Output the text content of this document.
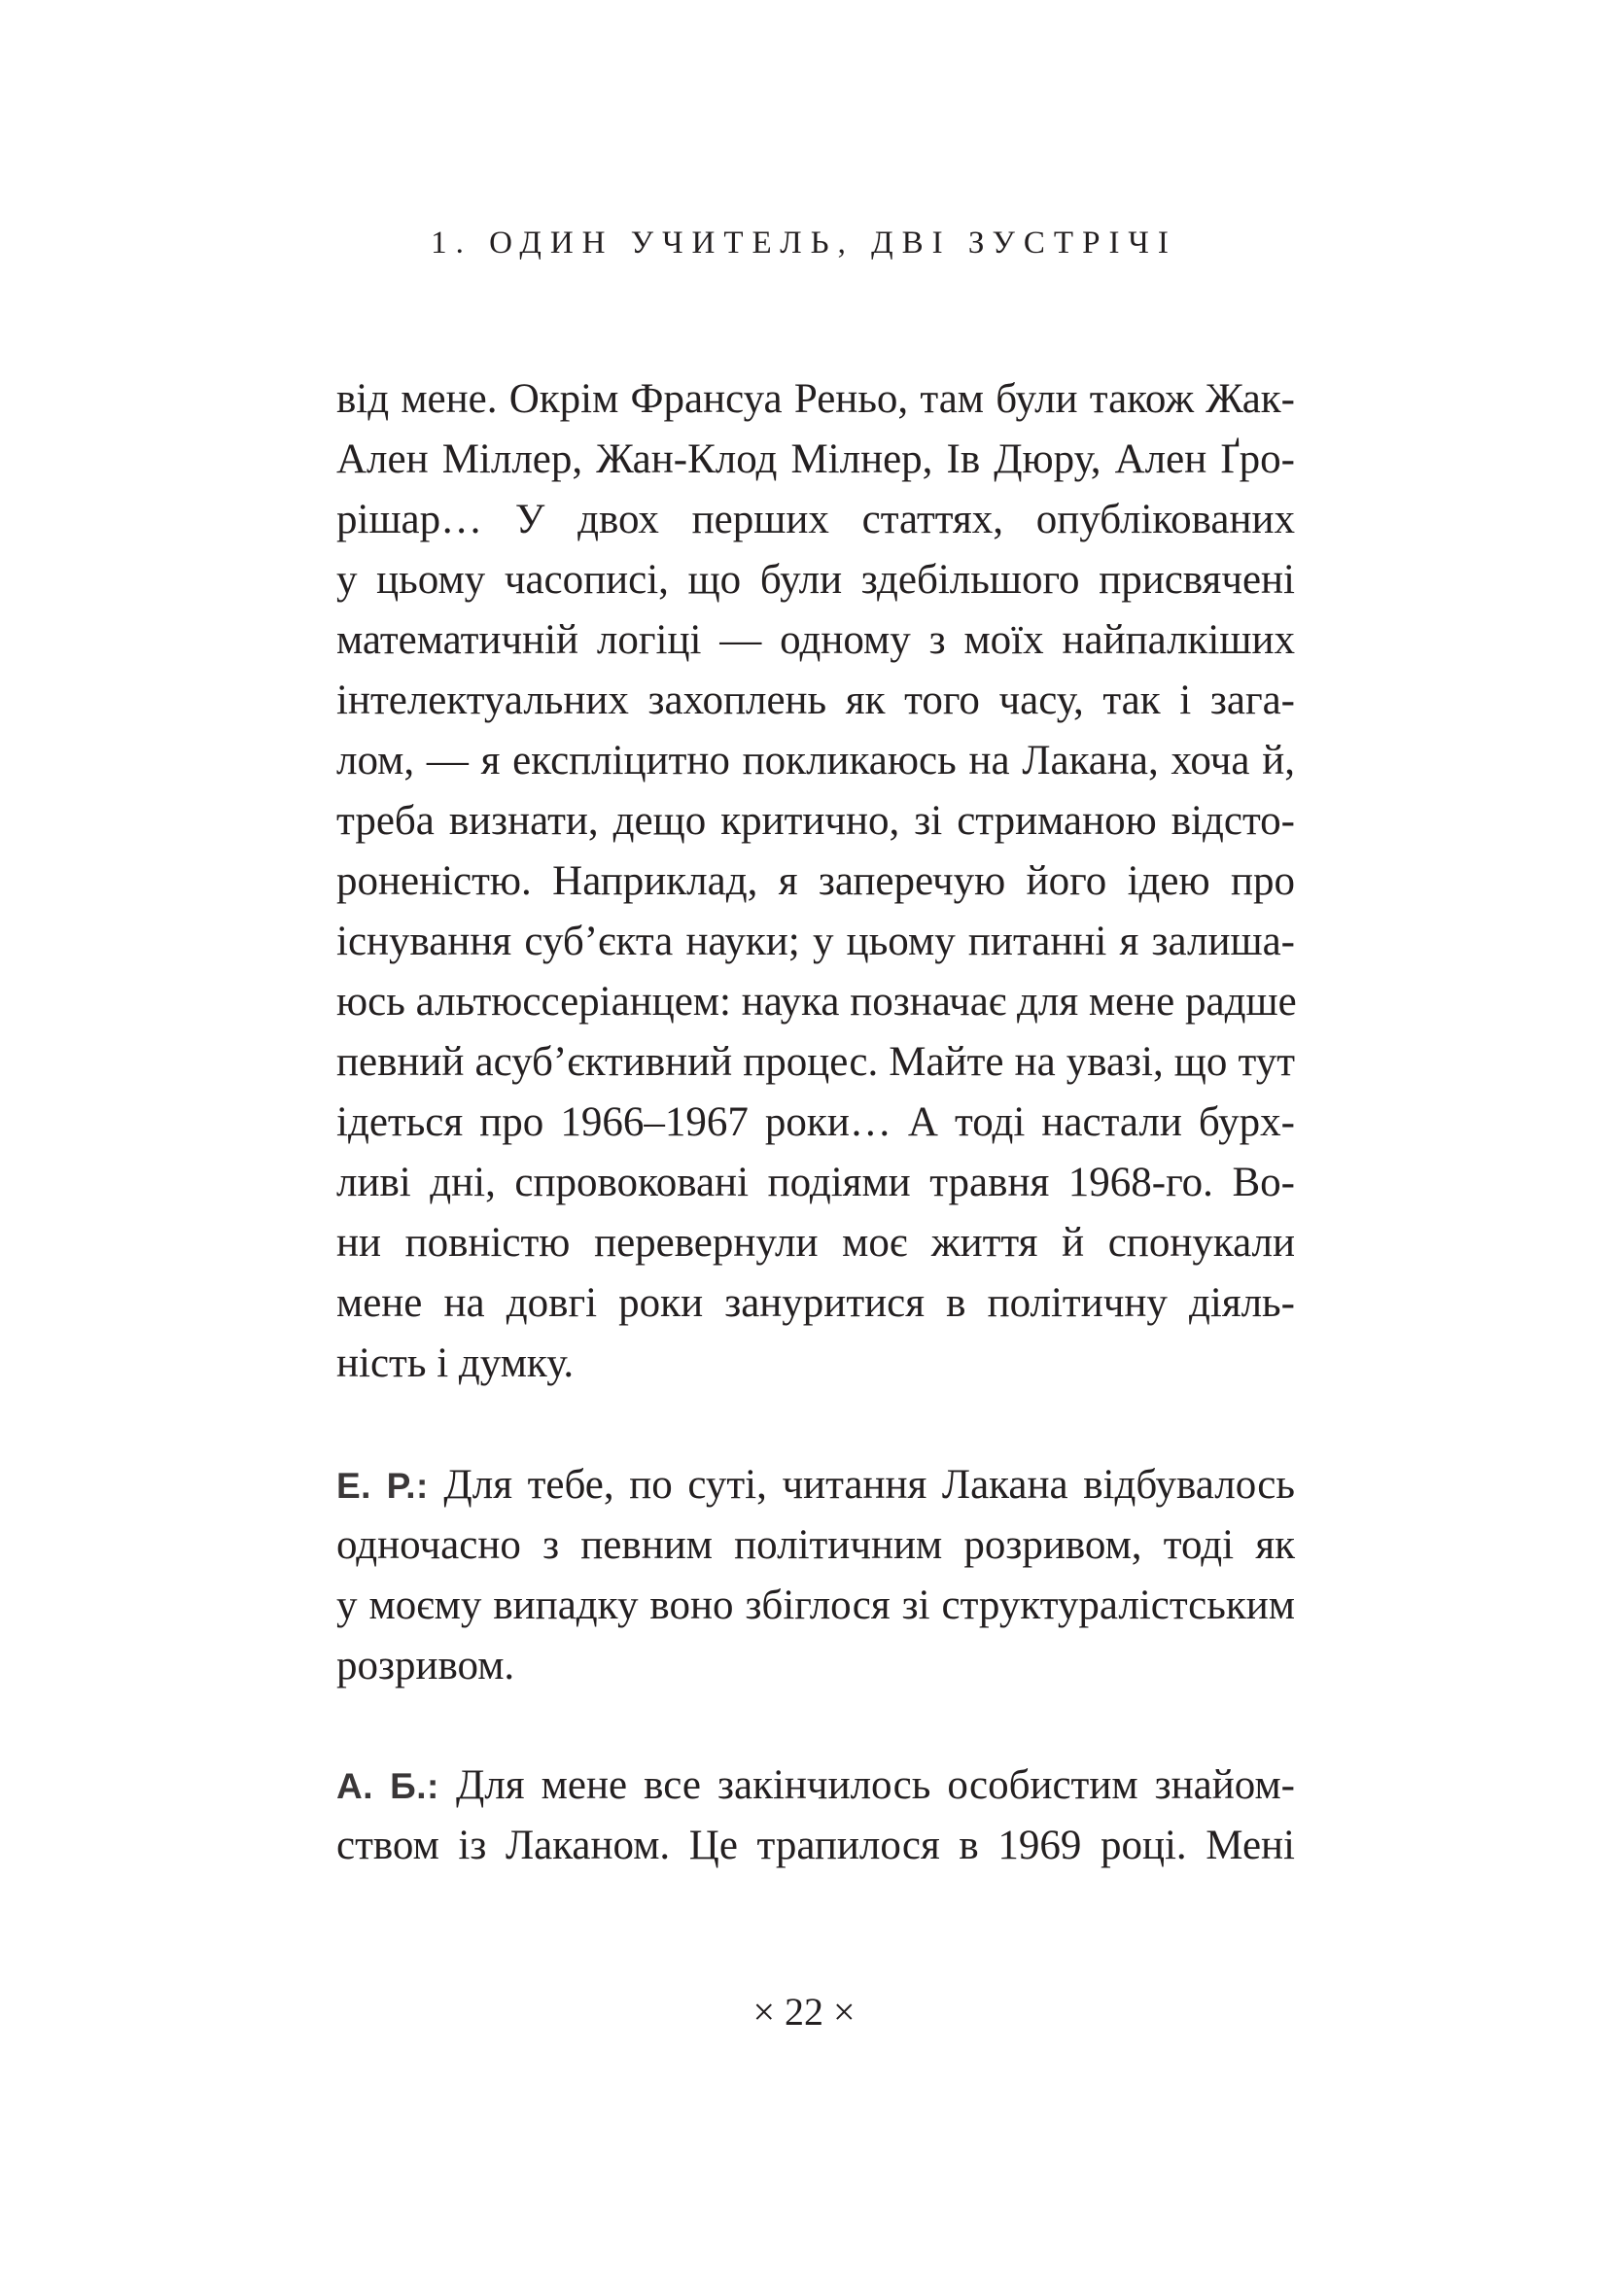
1. ОДИН УЧИТЕЛЬ, ДВІ ЗУСТРІЧІ
від мене. Окрім Франсуа Реньо, там були також Жак-
Ален Міллер, Жан-Клод Мілнер, Ів Дюру, Ален Ґро-
рішар… У двох перших статтях, опублікованих
у цьому часописі, що були здебільшого присвячені
математичній логіці — одному з моїх найпалкіших
інтелектуальних захоплень як того часу, так і зага-
лом, — я експліцитно покликаюсь на Лакана, хоча й,
треба визнати, дещо критично, зі стриманою відсто-
роненістю. Наприклад, я заперечую його ідею про
існування суб’єкта науки; у цьому питанні я залиша-
юсь альтюссеріанцем: наука позначає для мене радше
певний асуб’єктивний процес. Майте на увазі, що тут
ідеться про 1966–1967 роки… А тоді настали бурх-
ливі дні, спровоковані подіями травня 1968-го. Во-
ни повністю перевернули моє життя й спонукали
мене на довгі роки зануритися в політичну діяль-
ність і думку.
Е. Р.: Для тебе, по суті, читання Лакана відбувалось
одночасно з певним політичним розривом, тоді як
у моєму випадку воно збіглося зі структуралістським
розривом.
А. Б.: Для мене все закінчилось особистим знайом-
ством із Лаканом. Це трапилося в 1969 році. Мені
× 22 ×
